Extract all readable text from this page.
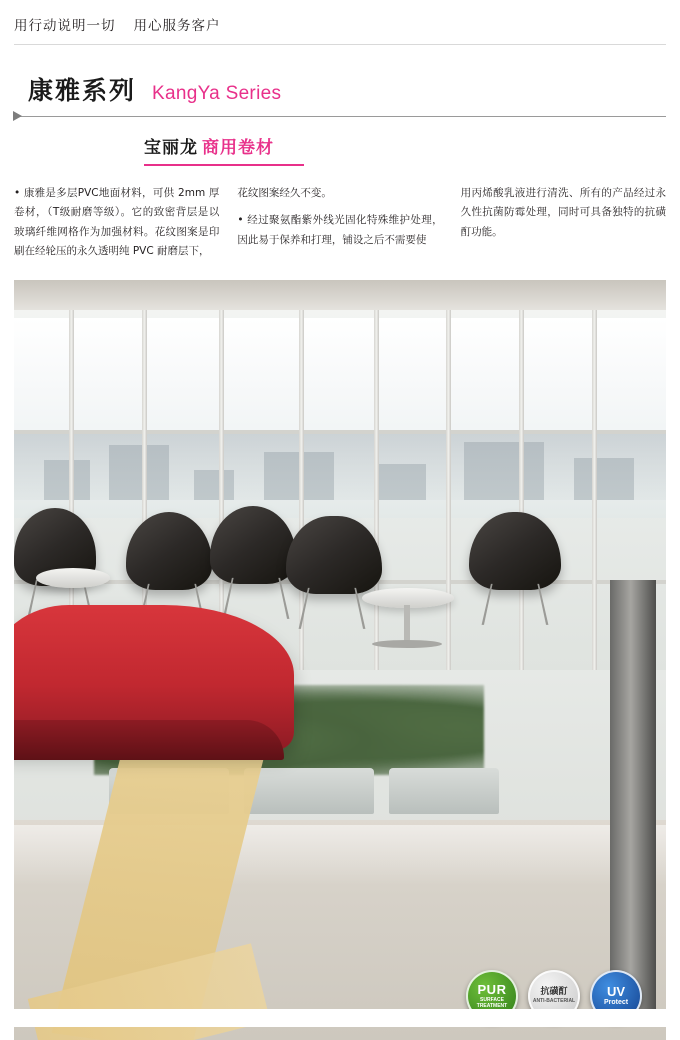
用行动说明一切 用心服务客户
康雅系列 KangYa Series
宝丽龙 商用卷材

• 康雅是多层PVC地面材料，可供 2mm 厚卷材，（T级耐磨等级）。它的致密背层是以玻璃纤维网格作为加强材料。花纹图案是印刷在经轮压的永久透明纯 PVC 耐磨层下，

花纹图案经久不变。

• 经过聚氨酯紫外线光固化特殊维护处理，因此易于保养和打理，铺设之后不需要使

用丙烯酸乳液进行清洗、所有的产品经过永久性抗菌防霉处理，同时可具备独特的抗磺酊功能。

PUR
SURFACE TREATMENT
抗磺酊
ANTI-BACTERIAL
UV
Protect
